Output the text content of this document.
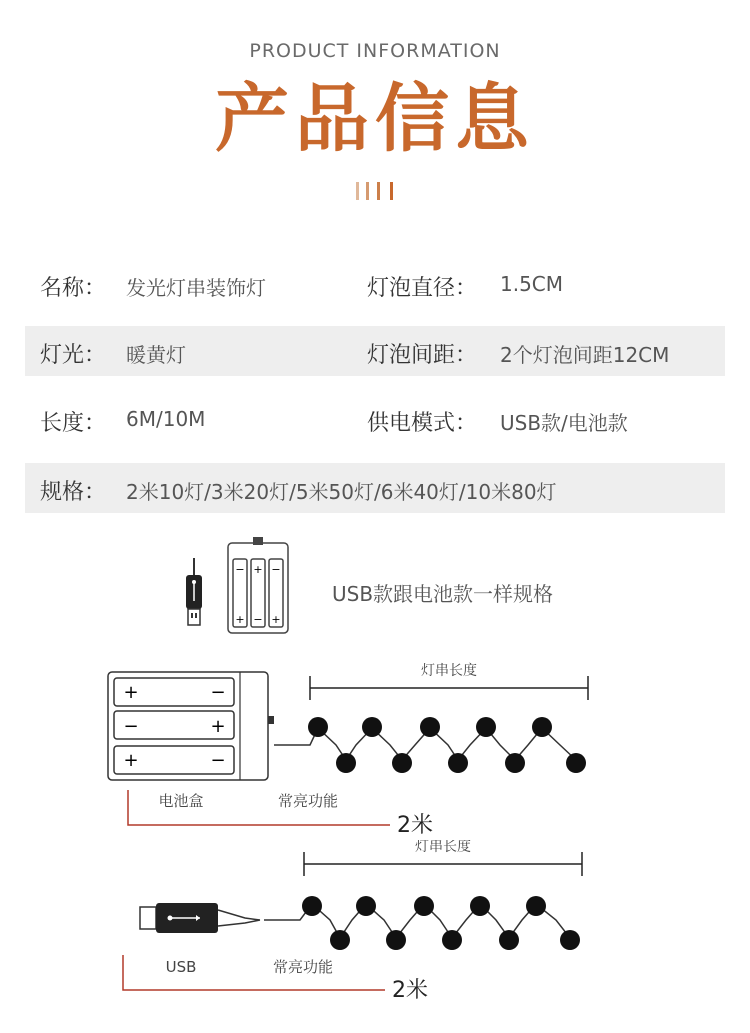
PRODUCT INFORMATION
产品信息
名称： 发光灯串装饰灯	灯泡直径： 1.5CM
灯光： 暖黄灯	灯泡间距： 2个灯泡间距12CM
长度： 6M/10M	供电模式： USB款/电池款
规格： 2米10灯/3米20灯/5米50灯/6米40灯/10米80灯
− + −
+ − +
USB款跟电池款一样规格
+	−
−	+
+	−
灯串长度
电池盒	常亮功能
2米
灯串长度
USB	常亮功能
2米
